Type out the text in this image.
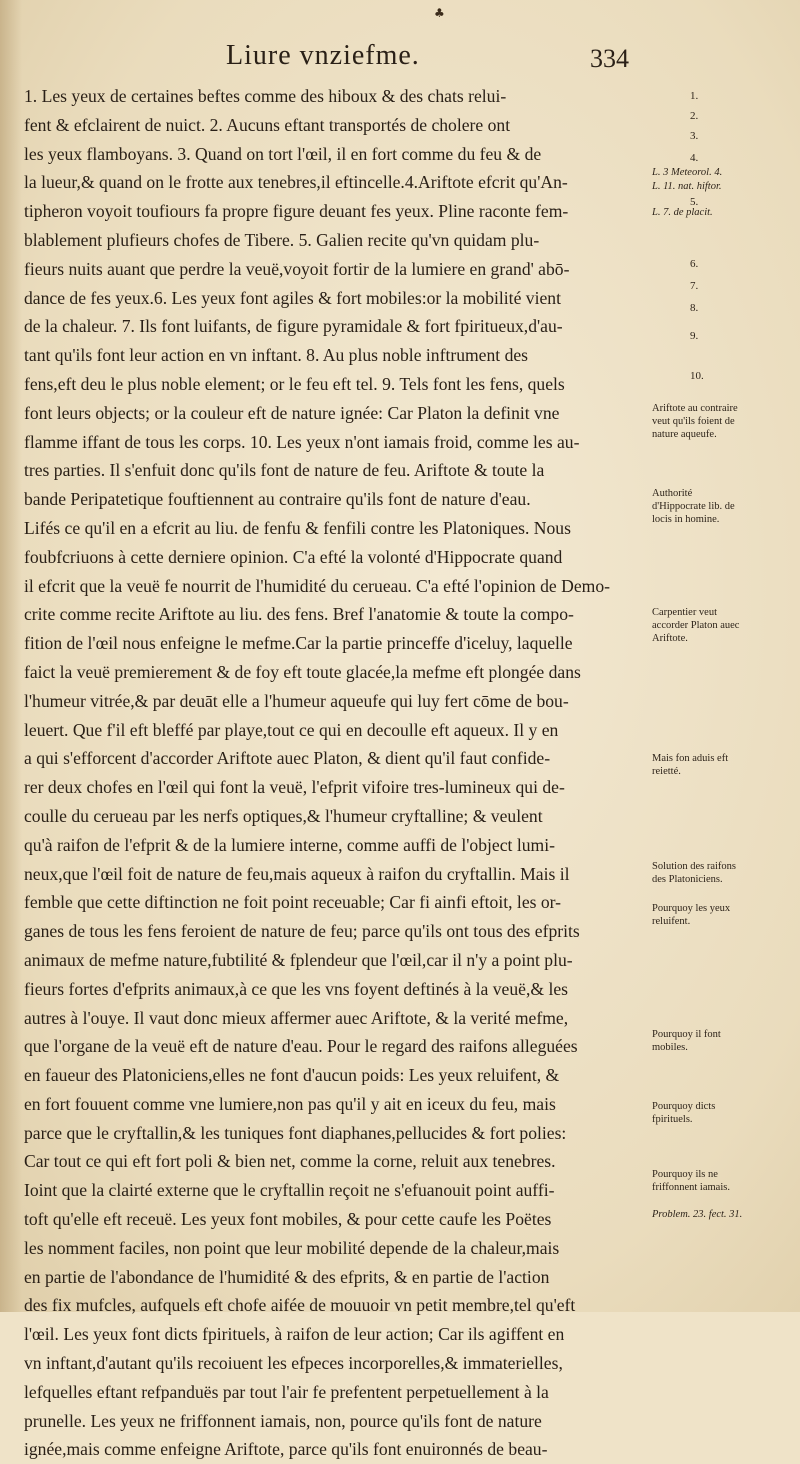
♣
Liure vnziefme.	334
1. Les yeux de certaines beftes comme des hiboux & des chats relui-
fent & efclairent de nuict. 2. Aucuns eftant transportés de cholere ont
les yeux flamboyans. 3. Quand on tort l'œil, il en fort comme du feu & de
la lueur,& quand on le frotte aux tenebres,il eftincelle.4.Ariftote efcrit qu'An-
tipheron voyoit toufiours fa propre figure deuant fes yeux. Pline raconte fem-
blablement plufieurs chofes de Tibere. 5. Galien recite qu'vn quidam plu-
fieurs nuits auant que perdre la veuë,voyoit fortir de la lumiere en grand' abō-
dance de fes yeux.6. Les yeux font agiles & fort mobiles:or la mobilité vient
de la chaleur. 7. Ils font luifants, de figure pyramidale & fort fpiritueux,d'au-
tant qu'ils font leur action en vn inftant. 8. Au plus noble inftrument des
fens,eft deu le plus noble element; or le feu eft tel. 9. Tels font les fens, quels
font leurs objects; or la couleur eft de nature ignée: Car Platon la definit vne
flamme iffant de tous les corps. 10. Les yeux n'ont iamais froid, comme les au-
tres parties. Il s'enfuit donc qu'ils font de nature de feu. Ariftote & toute la
bande Peripatetique fouftiennent au contraire qu'ils font de nature d'eau.
Lifés ce qu'il en a efcrit au liu. de fenfu & fenfili contre les Platoniques. Nous
foubfcriuons à cette derniere opinion. C'a efté la volonté d'Hippocrate quand
il efcrit que la veuë fe nourrit de l'humidité du cerueau. C'a efté l'opinion de Demo-
crite comme recite Ariftote au liu. des fens. Bref l'anatomie & toute la compo-
fition de l'œil nous enfeigne le mefme.Car la partie princeffe d'iceluy, laquelle
faict la veuë premierement & de foy eft toute glacée,la mefme eft plongée dans
l'humeur vitrée,& par deuāt elle a l'humeur aqueufe qui luy fert cōme de bou-
leuert. Que f'il eft bleffé par playe,tout ce qui en decoulle eft aqueux. Il y en
a qui s'efforcent d'accorder Ariftote auec Platon, & dient qu'il faut confide-
rer deux chofes en l'œil qui font la veuë, l'efprit vifoire tres-lumineux qui de-
coulle du cerueau par les nerfs optiques,& l'humeur cryftalline; & veulent
qu'à raifon de l'efprit & de la lumiere interne, comme auffi de l'object lumi-
neux,que l'œil foit de nature de feu,mais aqueux à raifon du cryftallin. Mais il
femble que cette diftinction ne foit point receuable; Car fi ainfi eftoit, les or-
ganes de tous les fens feroient de nature de feu; parce qu'ils ont tous des efprits
animaux de mefme nature,fubtilité & fplendeur que l'œil,car il n'y a point plu-
fieurs fortes d'efprits animaux,à ce que les vns foyent deftinés à la veuë,& les
autres à l'ouye. Il vaut donc mieux affermer auec Ariftote, & la verité mefme,
que l'organe de la veuë eft de nature d'eau. Pour le regard des raifons alleguées
en faueur des Platoniciens,elles ne font d'aucun poids: Les yeux reluifent, &
en fort fouuent comme vne lumiere,non pas qu'il y ait en iceux du feu, mais
parce que le cryftallin,& les tuniques font diaphanes,pellucides & fort polies:
Car tout ce qui eft fort poli & bien net, comme la corne, reluit aux tenebres.
Ioint que la clairté externe que le cryftallin reçoit ne s'efuanouit point auffi-
toft qu'elle eft receuë. Les yeux font mobiles, & pour cette caufe les Poëtes
les nomment faciles, non point que leur mobilité depende de la chaleur,mais
en partie de l'abondance de l'humidité & des efprits, & en partie de l'action
des fix mufcles, aufquels eft chofe aifée de mouuoir vn petit membre,tel qu'eft
l'œil. Les yeux font dicts fpirituels, à raifon de leur action; Car ils agiffent en
vn inftant,d'autant qu'ils recoiuent les efpeces incorporelles,& immaterielles,
lefquelles eftant refpanduës par tout l'air fe prefentent perpetuellement à la
prunelle. Les yeux ne friffonnent iamais, non, pource qu'ils font de nature
ignée,mais comme enfeigne Ariftote, parce qu'ils font enuironnés de beau-
1.
2.
3.
4.
L. 3 Meteorol. 4.
L. 11. nat. hiftor.
5.
L. 7. de placit.
6.
7.
8.
9.
10.
Ariftote au contraire veut qu'ils foient de nature aqueufe.
Authorité d'Hippocrate lib. de locis in homine.
Carpentier veut accorder Platon auec Ariftote.
Mais fon aduis eft reietté.
Solution des raifons des Platoniciens.
Pourquoy les yeux reluifent.
Pourquoy il font mobiles.
Pourquoy dicts fpirituels.
Pourquoy ils ne friffonnent iamais.
Problem. 23. fect. 31.
